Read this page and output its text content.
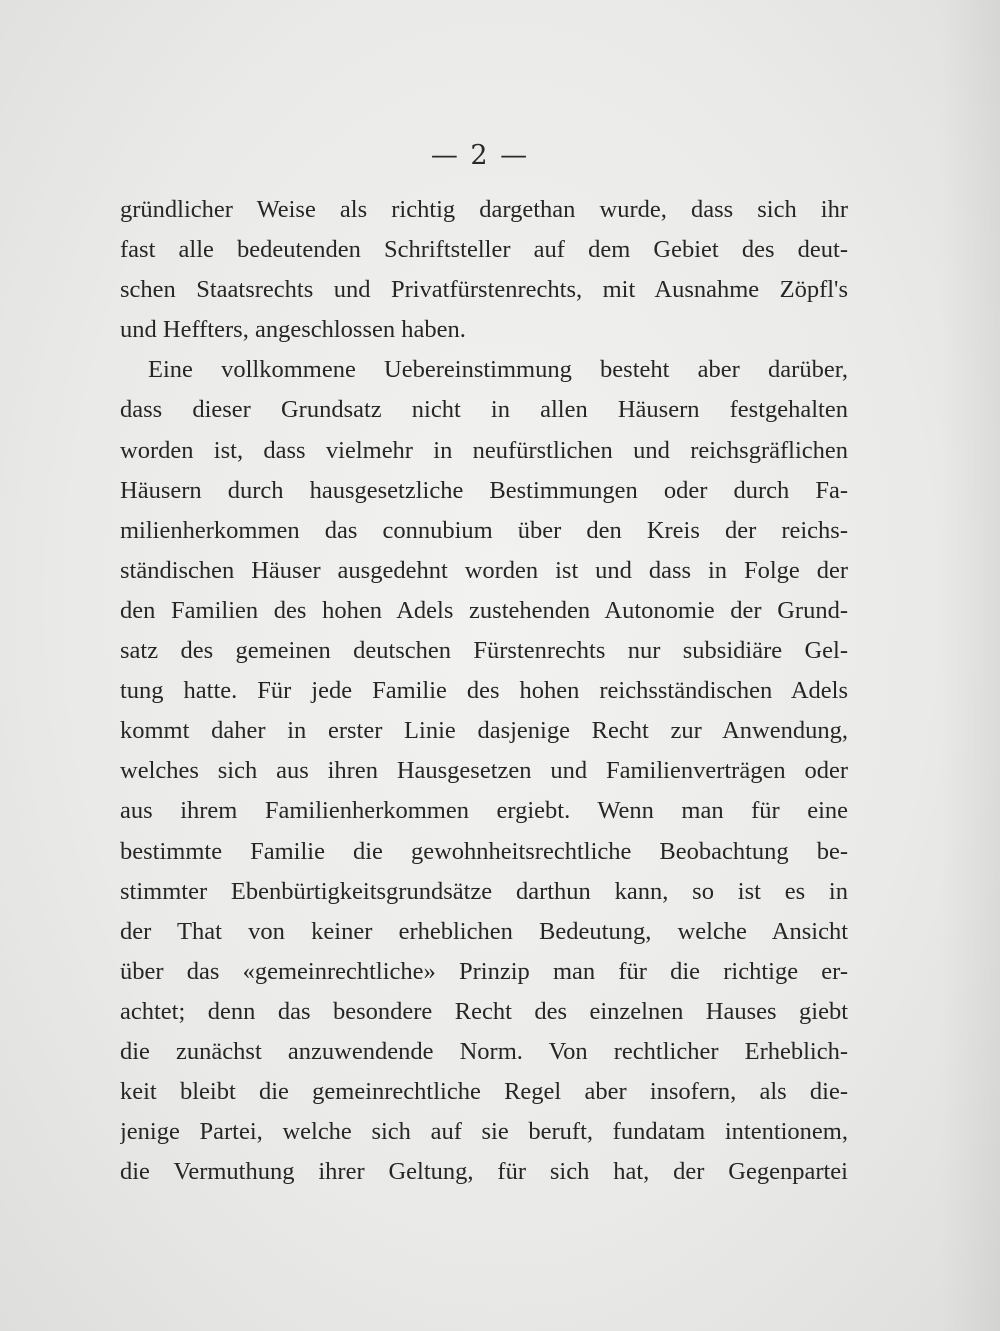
— 2 —
gründlicher Weise als richtig dargethan wurde, dass sich ihr
fast alle bedeutenden Schriftsteller auf dem Gebiet des deut-
schen Staatsrechts und Privatfürstenrechts, mit Ausnahme Zöpfl's
und Heffters, angeschlossen haben.
Eine vollkommene Uebereinstimmung besteht aber darüber,
dass dieser Grundsatz nicht in allen Häusern festgehalten
worden ist, dass vielmehr in neufürstlichen und reichsgräflichen
Häusern durch hausgesetzliche Bestimmungen oder durch Fa-
milienherkommen das connubium über den Kreis der reichs-
ständischen Häuser ausgedehnt worden ist und dass in Folge der
den Familien des hohen Adels zustehenden Autonomie der Grund-
satz des gemeinen deutschen Fürstenrechts nur subsidiäre Gel-
tung hatte. Für jede Familie des hohen reichsständischen Adels
kommt daher in erster Linie dasjenige Recht zur Anwendung,
welches sich aus ihren Hausgesetzen und Familienverträgen oder
aus ihrem Familienherkommen ergiebt. Wenn man für eine
bestimmte Familie die gewohnheitsrechtliche Beobachtung be-
stimmter Ebenbürtigkeitsgrundsätze darthun kann, so ist es in
der That von keiner erheblichen Bedeutung, welche Ansicht
über das «gemeinrechtliche» Prinzip man für die richtige er-
achtet; denn das besondere Recht des einzelnen Hauses giebt
die zunächst anzuwendende Norm. Von rechtlicher Erheblich-
keit bleibt die gemeinrechtliche Regel aber insofern, als die-
jenige Partei, welche sich auf sie beruft, fundatam intentionem,
die Vermuthung ihrer Geltung, für sich hat, der Gegenpartei
